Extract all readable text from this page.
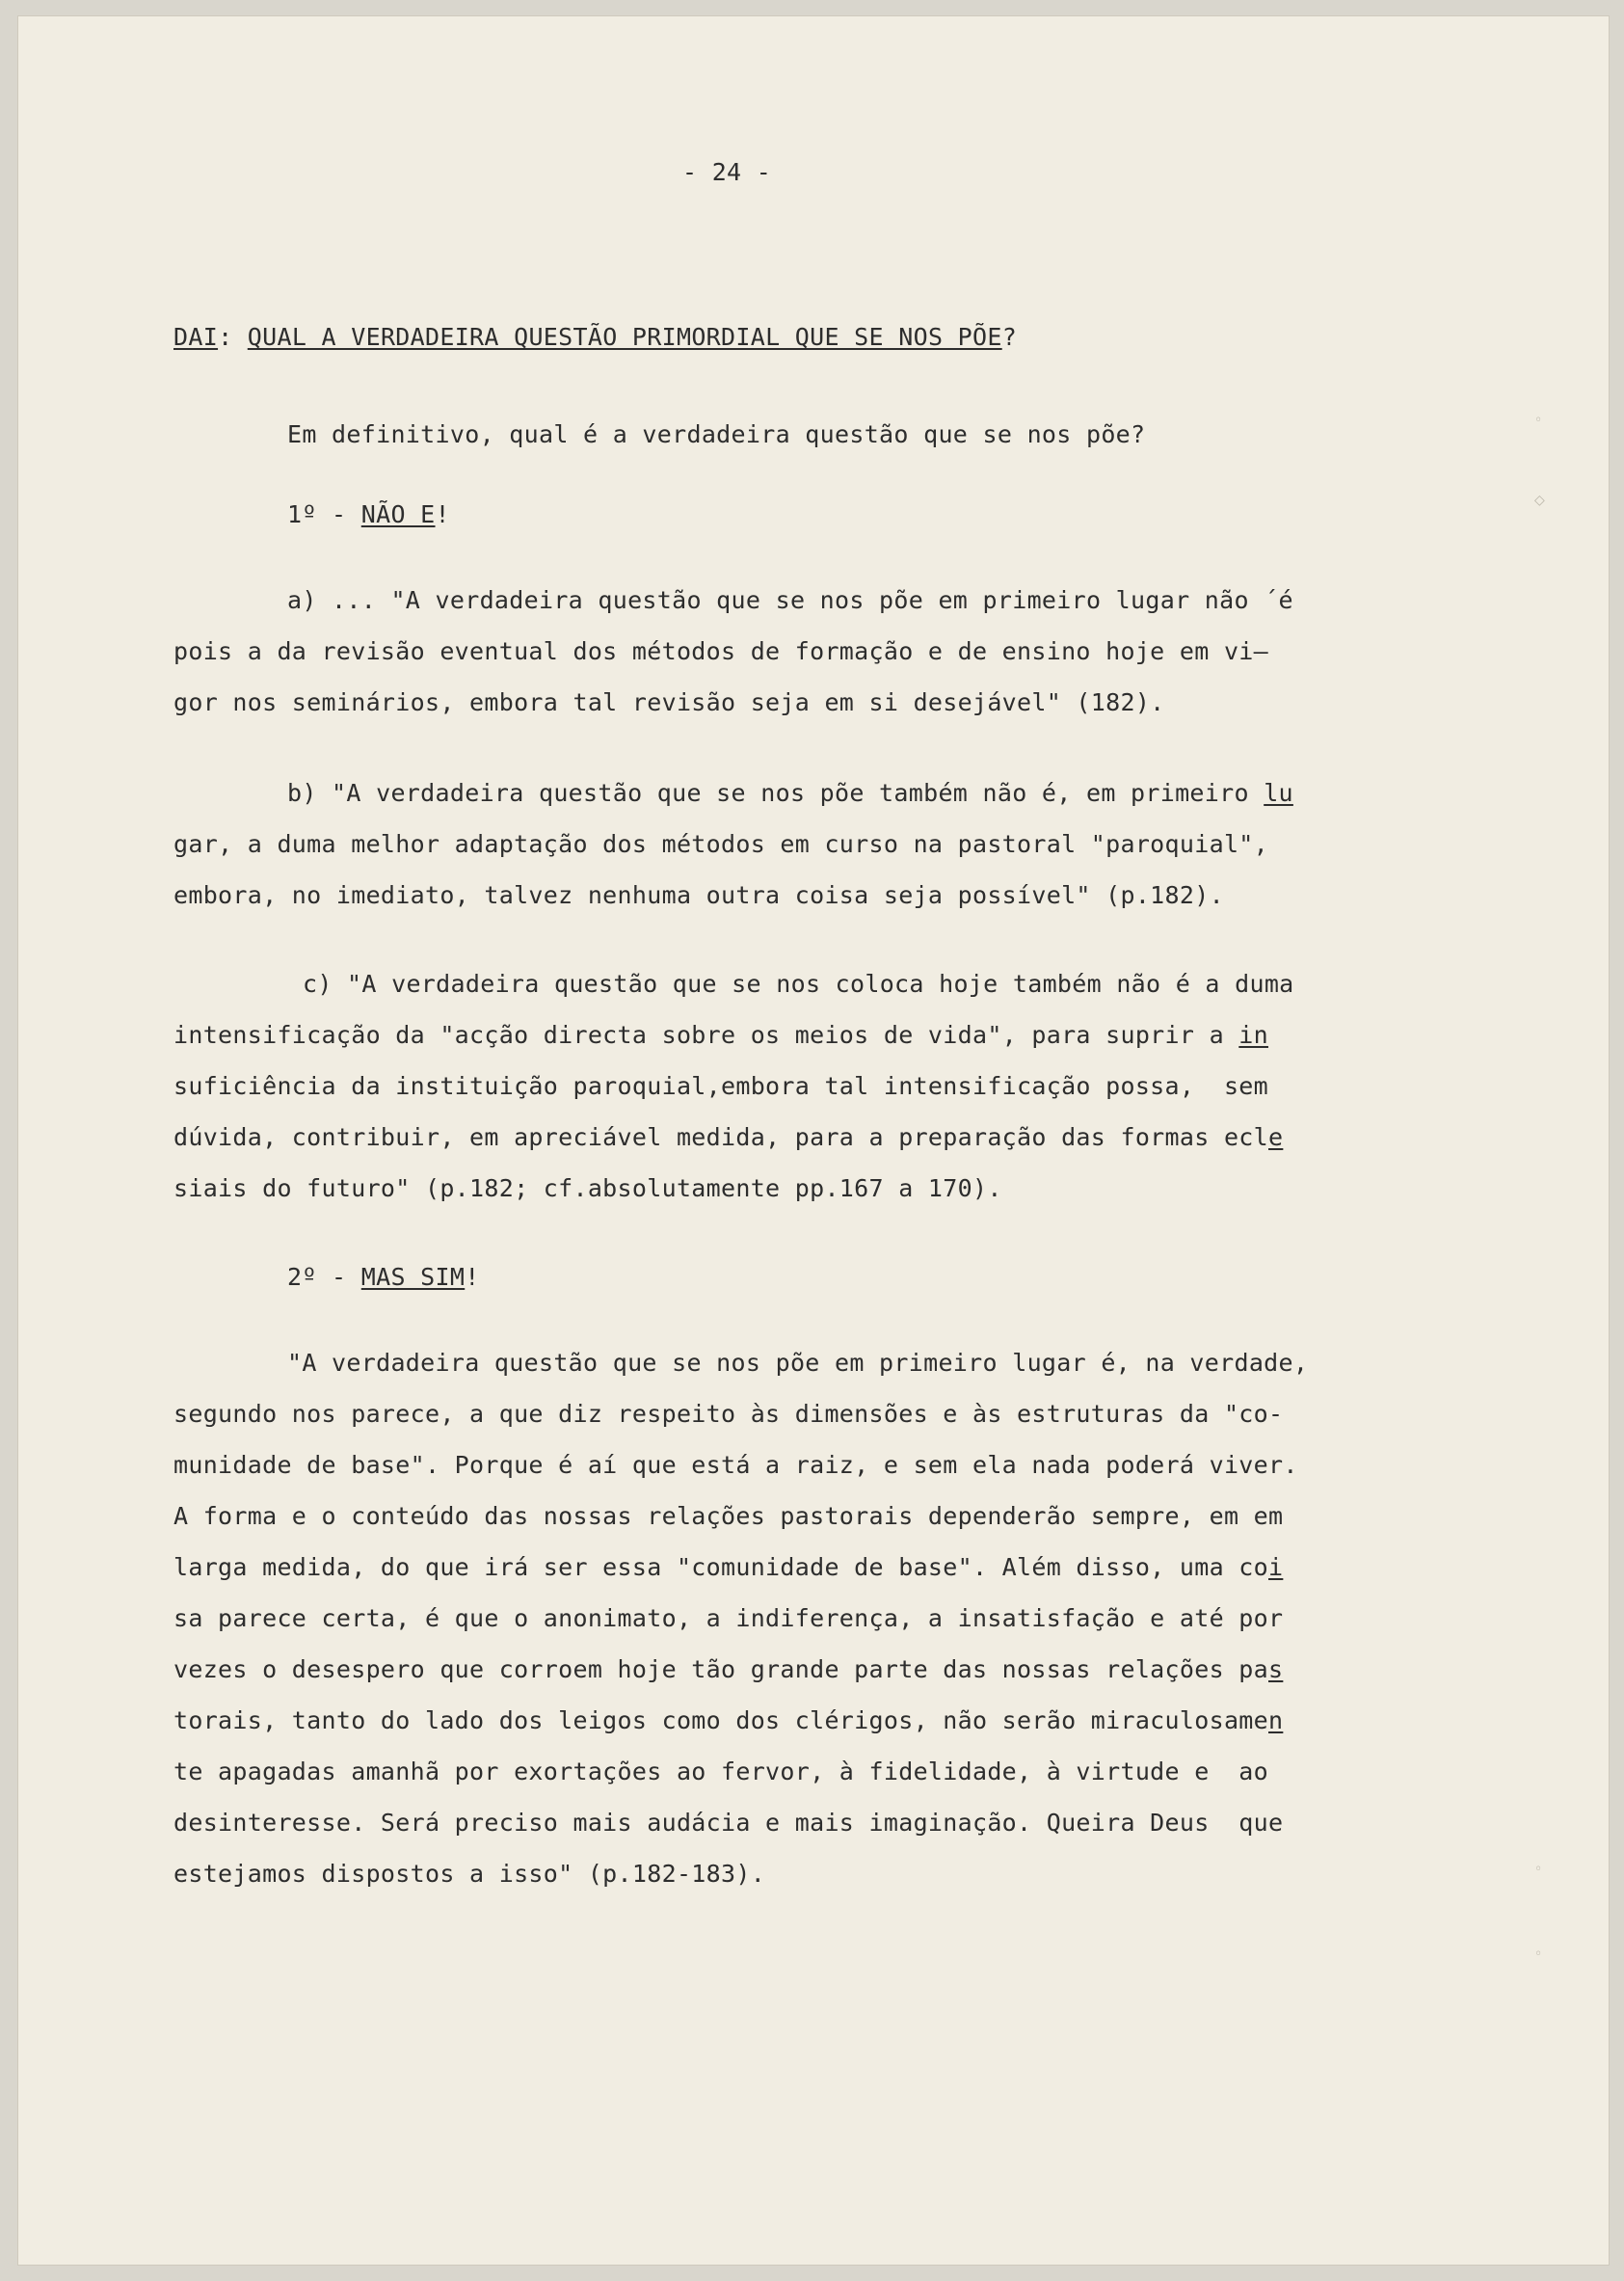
- 24 -
DAI: QUAL A VERDADEIRA QUESTÃO PRIMORDIAL QUE SE NOS PÕE?
Em definitivo, qual é a verdadeira questão que se nos põe?
1º - NÃO E!
a) ... "A verdadeira questão que se nos põe em primeiro lugar não ´é
pois a da revisão eventual dos métodos de formação e de ensino hoje em vi—
gor nos seminários, embora tal revisão seja em si desejável" (182).
b) "A verdadeira questão que se nos põe também não é, em primeiro lu
gar, a duma melhor adaptação dos métodos em curso na pastoral "paroquial",
embora, no imediato, talvez nenhuma outra coisa seja possível" (p.182).
c) "A verdadeira questão que se nos coloca hoje também não é a duma
intensificação da "acção directa sobre os meios de vida", para suprir a in
suficiência da instituição paroquial,embora tal intensificação possa,  sem
dúvida, contribuir, em apreciável medida, para a preparação das formas ecle
siais do futuro" (p.182; cf.absolutamente pp.167 a 170).
2º - MAS SIM!
"A verdadeira questão que se nos põe em primeiro lugar é, na verdade,
segundo nos parece, a que diz respeito às dimensões e às estruturas da "co-
munidade de base". Porque é aí que está a raiz, e sem ela nada poderá viver.
A forma e o conteúdo das nossas relações pastorais dependerão sempre, em em
larga medida, do que irá ser essa "comunidade de base". Além disso, uma coi
sa parece certa, é que o anonimato, a indiferença, a insatisfação e até por
vezes o desespero que corroem hoje tão grande parte das nossas relações pas
torais, tanto do lado dos leigos como dos clérigos, não serão miraculosamen
te apagadas amanhã por exortações ao fervor, à fidelidade, à virtude e  ao
desinteresse. Será preciso mais audácia e mais imaginação. Queira Deus  que
estejamos dispostos a isso" (p.182-183).
◦
◇
◦
◦
